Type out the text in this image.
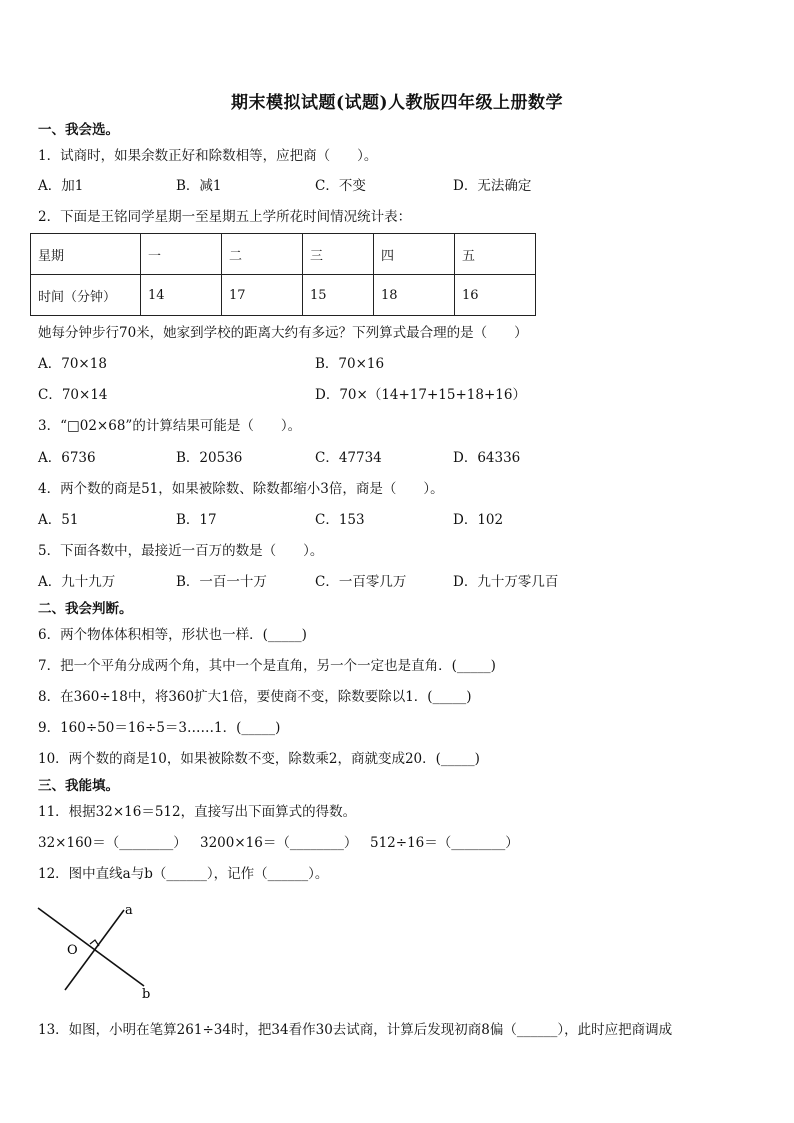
期末模拟试题(试题)人教版四年级上册数学
一、我会选。
1．试商时，如果余数正好和除数相等，应把商（　　）。
A．加1	B．减1	C．不变	D．无法确定
2．下面是王铭同学星期一至星期五上学所花时间情况统计表：
星期	一	二	三	四	五
时间（分钟）	14	17	15	18	16
她每分钟步行70米，她家到学校的距离大约有多远？下列算式最合理的是（　　）
A．70×18	B．70×16
C．70×14	D．70×（14+17+15+18+16）
3．“□02×68”的计算结果可能是（　　）。
A．6736	B．20536	C．47734	D．64336
4．两个数的商是51，如果被除数、除数都缩小3倍，商是（　　）。
A．51	B．17	C．153	D．102
5．下面各数中，最接近一百万的数是（　　）。
A．九十九万	B．一百一十万	C．一百零几万	D．九十万零几百
二、我会判断。
6．两个物体体积相等，形状也一样．(_____)
7．把一个平角分成两个角，其中一个是直角，另一个一定也是直角．(_____)
8．在360÷18中，将360扩大1倍，要使商不变，除数要除以1．(_____)
9．160÷50＝16÷5＝3……1．(_____)
10．两个数的商是10，如果被除数不变，除数乘2，商就变成20．(_____)
三、我能填。
11．根据32×16＝512，直接写出下面算式的得数。
32×160＝（________） 3200×16＝（________） 512÷16＝（________）
12．图中直线a与b（______），记作（______）。
a
b
O
13．如图，小明在笔算261÷34时，把34看作30去试商，计算后发现初商8偏（______），此时应把商调成
